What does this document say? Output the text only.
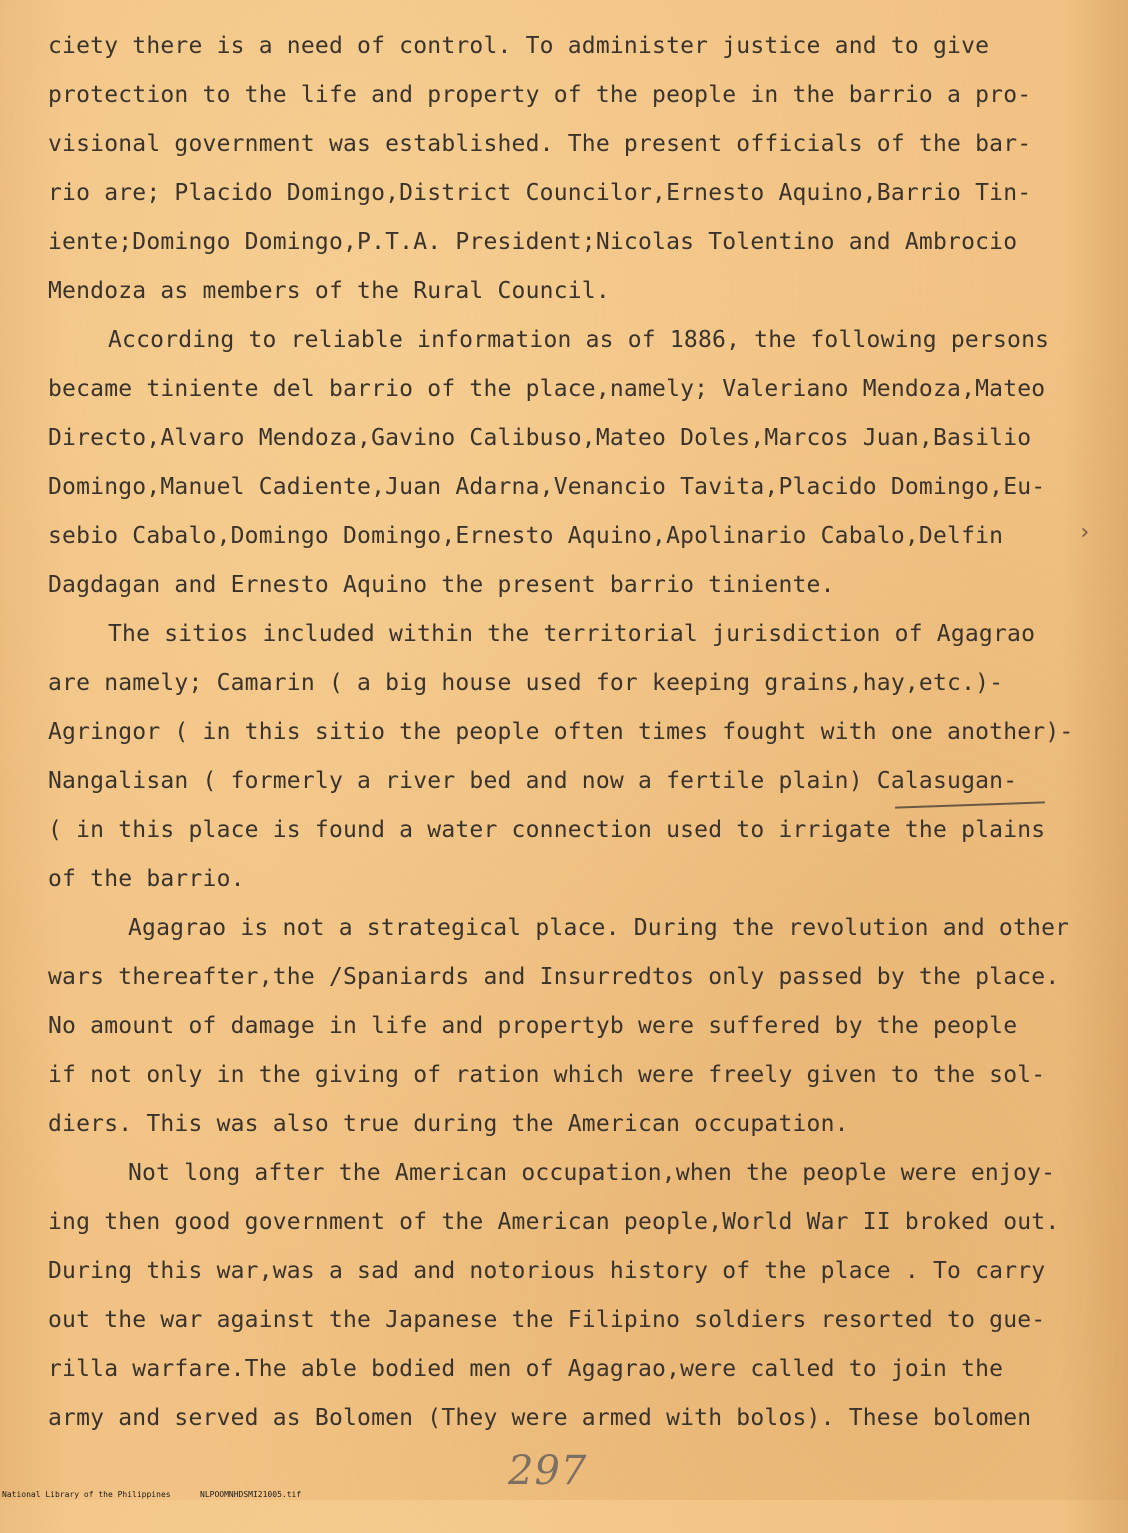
ciety there is a need of control. To administer justice and to give
protection to the life and property of the people in the barrio a pro-
visional government was established. The present officials of the bar-
rio are; Placido Domingo,District Councilor,Ernesto Aquino,Barrio Tin-
iente;Domingo Domingo,P.T.A. President;Nicolas Tolentino and Ambrocio
Mendoza as members of the Rural Council.
According to reliable information as of 1886, the following persons
became tiniente del barrio of the place,namely; Valeriano Mendoza,Mateo
Directo,Alvaro Mendoza,Gavino Calibuso,Mateo Doles,Marcos Juan,Basilio
Domingo,Manuel Cadiente,Juan Adarna,Venancio Tavita,Placido Domingo,Eu-
sebio Cabalo,Domingo Domingo,Ernesto Aquino,Apolinario Cabalo,Delfin
Dagdagan and Ernesto Aquino the present barrio tiniente.
The sitios included within the territorial jurisdiction of Agagrao
are namely; Camarin ( a big house used for keeping grains,hay,etc.)-
Agringor ( in this sitio the people often times fought with one another)-
Nangalisan ( formerly a river bed and now a fertile plain) Calasugan-
( in this place is found a water connection used to irrigate the plains
of the barrio.
Agagrao is not a strategical place. During the revolution and other
wars thereafter,the /Spaniards and Insurredtos only passed by the place.
No amount of damage in life and propertyb were suffered by the people
if not only in the giving of ration which were freely given to the sol-
diers. This was also true during the American occupation.
Not long after the American occupation,when the people were enjoy-
ing then good government of the American people,World War II broked out.
During this war,was a sad and notorious history of the place . To carry
out the war against the Japanese the Filipino soldiers resorted to gue-
rilla warfare.The able bodied men of Agagrao,were called to join the
army and served as Bolomen (They were armed with bolos). These bolomen
›
297

National Library of the Philippines

	NLPOOMNHDSMI21005.tif
